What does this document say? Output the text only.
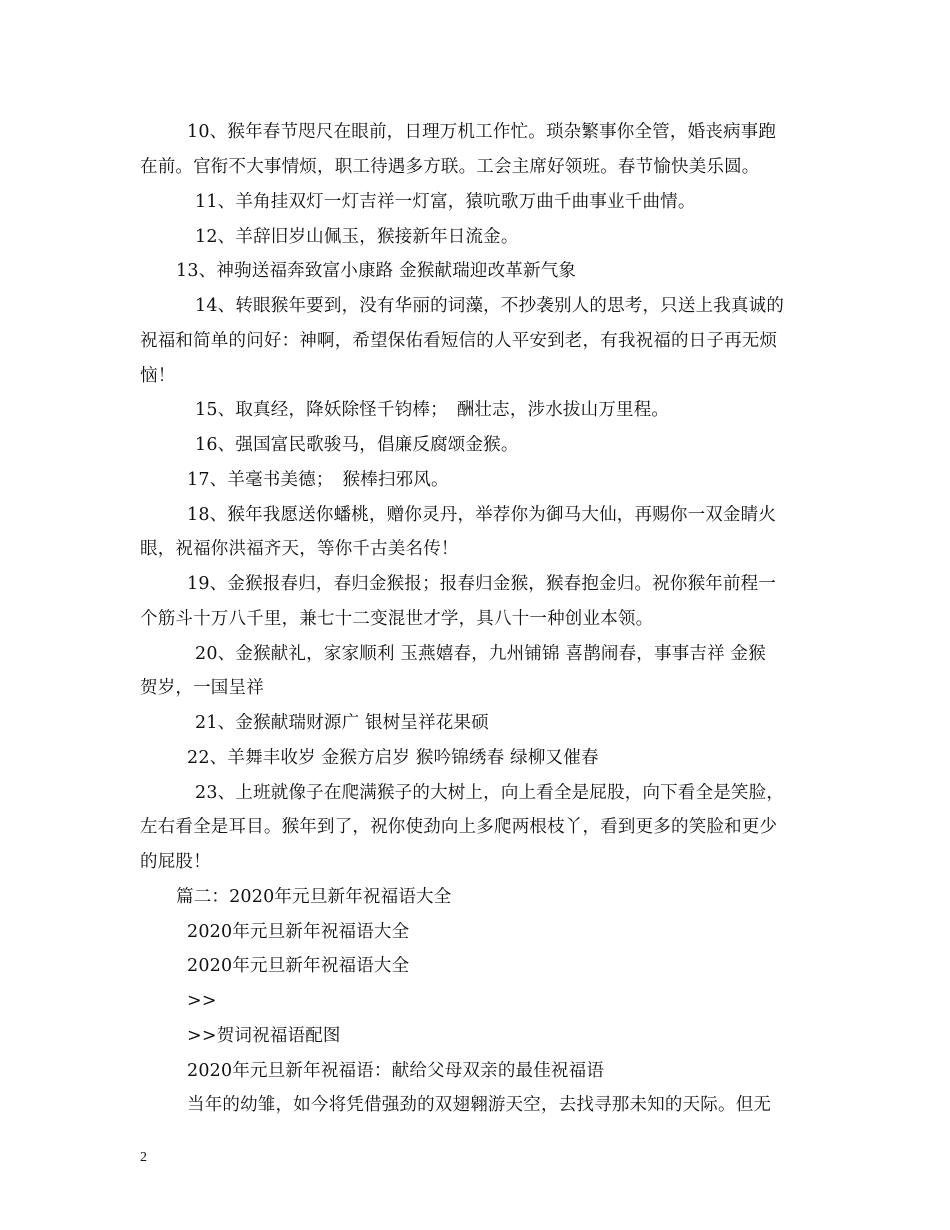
10、猴年春节咫尺在眼前，日理万机工作忙。琐杂繁事你全管，婚丧病事跑
在前。官衔不大事情烦，职工待遇多方联。工会主席好领班。春节愉快美乐圆。
11、羊角挂双灯一灯吉祥一灯富，猿吭歌万曲千曲事业千曲情。
12、羊辞旧岁山佩玉，猴接新年日流金。
13、神驹送福奔致富小康路 金猴献瑞迎改革新气象
14、转眼猴年要到，没有华丽的词藻，不抄袭别人的思考，只送上我真诚的
祝福和简单的问好：神啊，希望保佑看短信的人平安到老，有我祝福的日子再无烦
恼！
15、取真经，降妖除怪千钧棒；　酬壮志，涉水拔山万里程。
16、强国富民歌骏马，倡廉反腐颂金猴。
17、羊毫书美德；　猴棒扫邪风。
18、猴年我愿送你蟠桃，赠你灵丹，举荐你为御马大仙，再赐你一双金睛火
眼，祝福你洪福齐天，等你千古美名传！
19、金猴报春归，春归金猴报；报春归金猴，猴春抱金归。祝你猴年前程一
个筋斗十万八千里，兼七十二变混世才学，具八十一种创业本领。
20、金猴献礼，家家顺利 玉燕嬉春，九州铺锦 喜鹊闹春，事事吉祥 金猴
贺岁，一国呈祥
21、金猴献瑞财源广 银树呈祥花果硕
22、羊舞丰收岁 金猴方启岁 猴吟锦绣春 绿柳又催春
23、上班就像子在爬满猴子的大树上，向上看全是屁股，向下看全是笑脸，
左右看全是耳目。猴年到了，祝你使劲向上多爬两根枝丫，看到更多的笑脸和更少
的屁股！
篇二：2020年元旦新年祝福语大全
2020年元旦新年祝福语大全
2020年元旦新年祝福语大全
>>
>>贺词祝福语配图
2020年元旦新年祝福语：献给父母双亲的最佳祝福语
当年的幼雏，如今将凭借强劲的双翅翱游天空，去找寻那未知的天际。但无
2
